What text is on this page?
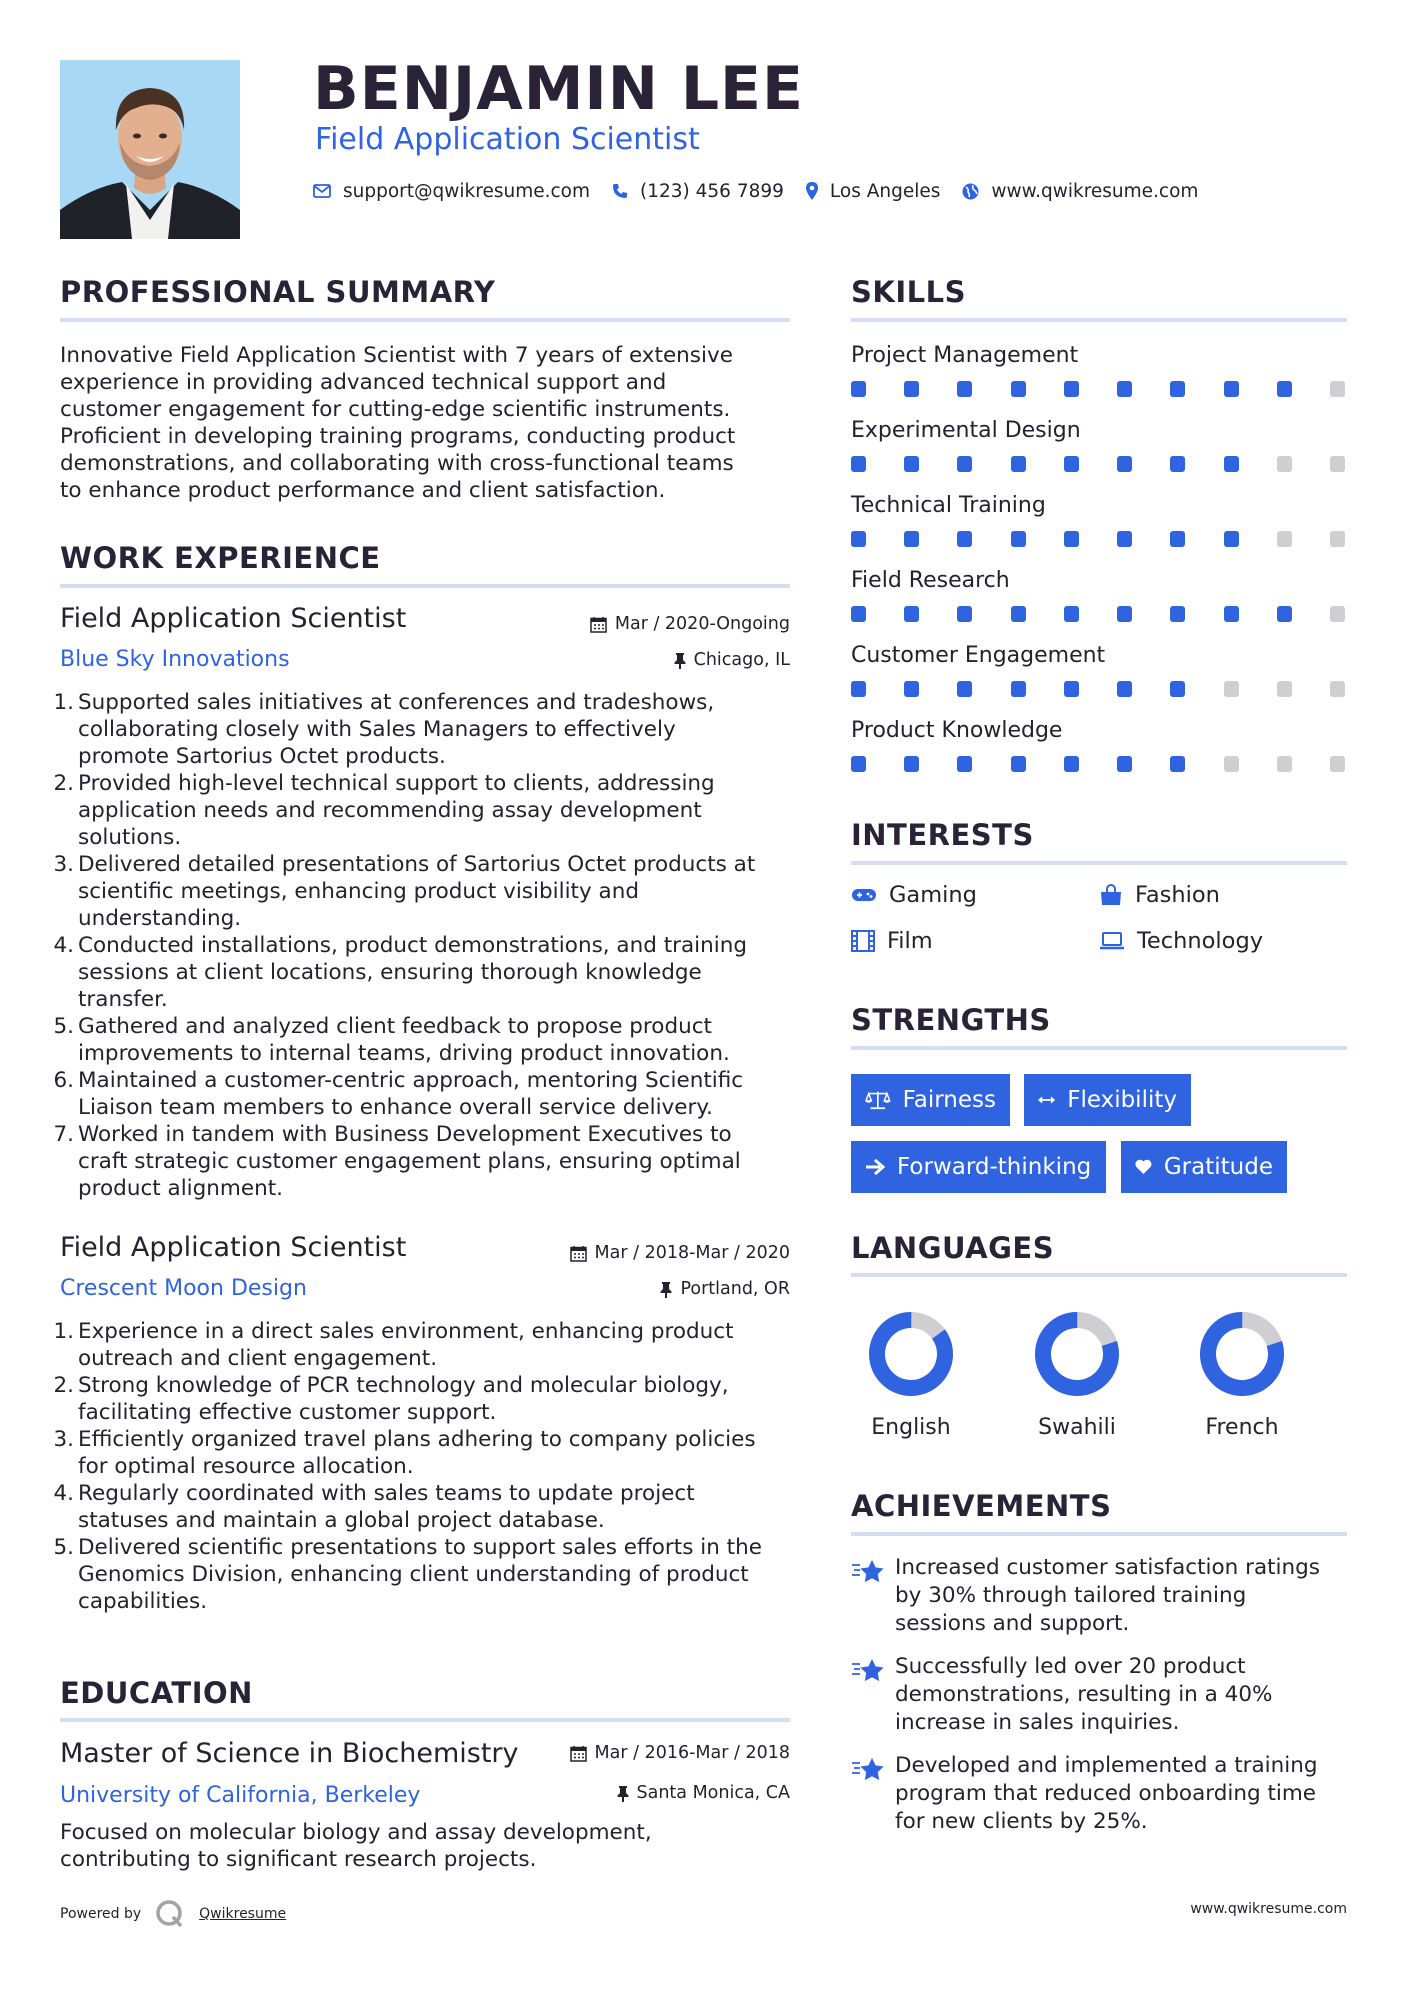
BENJAMIN LEE
Field Application Scientist
support@qwikresume.com	(123) 456 7899 Los Angeles	www.qwikresume.com
PROFESSIONAL SUMMARY
Innovative Field Application Scientist with 7 years of extensive
experience in providing advanced technical support and
customer engagement for cutting-edge scientific instruments.
Proficient in developing training programs, conducting product
demonstrations, and collaborating with cross-functional teams
to enhance product performance and client satisfaction.
WORK EXPERIENCE
Field Application Scientist	Mar / 2020-Ongoing
Blue Sky Innovations	Chicago, IL
1. Supported sales initiatives at conferences and tradeshows,
collaborating closely with Sales Managers to effectively
promote Sartorius Octet products.
2. Provided high-level technical support to clients, addressing
application needs and recommending assay development
solutions.
3. Delivered detailed presentations of Sartorius Octet products at
scientific meetings, enhancing product visibility and
understanding.
4. Conducted installations, product demonstrations, and training
sessions at client locations, ensuring thorough knowledge
transfer.
5. Gathered and analyzed client feedback to propose product
improvements to internal teams, driving product innovation.
6. Maintained a customer-centric approach, mentoring Scientific
Liaison team members to enhance overall service delivery.
7. Worked in tandem with Business Development Executives to
craft strategic customer engagement plans, ensuring optimal
product alignment.
Field Application Scientist	Mar / 2018-Mar / 2020
Crescent Moon Design	Portland, OR
1. Experience in a direct sales environment, enhancing product
outreach and client engagement.
2. Strong knowledge of PCR technology and molecular biology,
facilitating effective customer support.
3. Efficiently organized travel plans adhering to company policies
for optimal resource allocation.
4. Regularly coordinated with sales teams to update project
statuses and maintain a global project database.
5. Delivered scientific presentations to support sales efforts in the
Genomics Division, enhancing client understanding of product
capabilities.
EDUCATION
Master of Science in Biochemistry	Mar / 2016-Mar / 2018
University of California, Berkeley	Santa Monica, CA
Focused on molecular biology and assay development,
contributing to significant research projects.
SKILLS
Project Management
Experimental Design
Technical Training
Field Research
Customer Engagement
Product Knowledge
INTERESTS
Gaming	Fashion
Film	Technology
STRENGTHS
Fairness	Flexibility
Forward-thinking	Gratitude
LANGUAGES
English	Swahili	French
ACHIEVEMENTS
Increased customer satisfaction ratings
by 30% through tailored training
sessions and support.
Successfully led over 20 product
demonstrations, resulting in a 40%
increase in sales inquiries.
Developed and implemented a training
program that reduced onboarding time
for new clients by 25%.
Powered by	Qwikresume	www.qwikresume.com
